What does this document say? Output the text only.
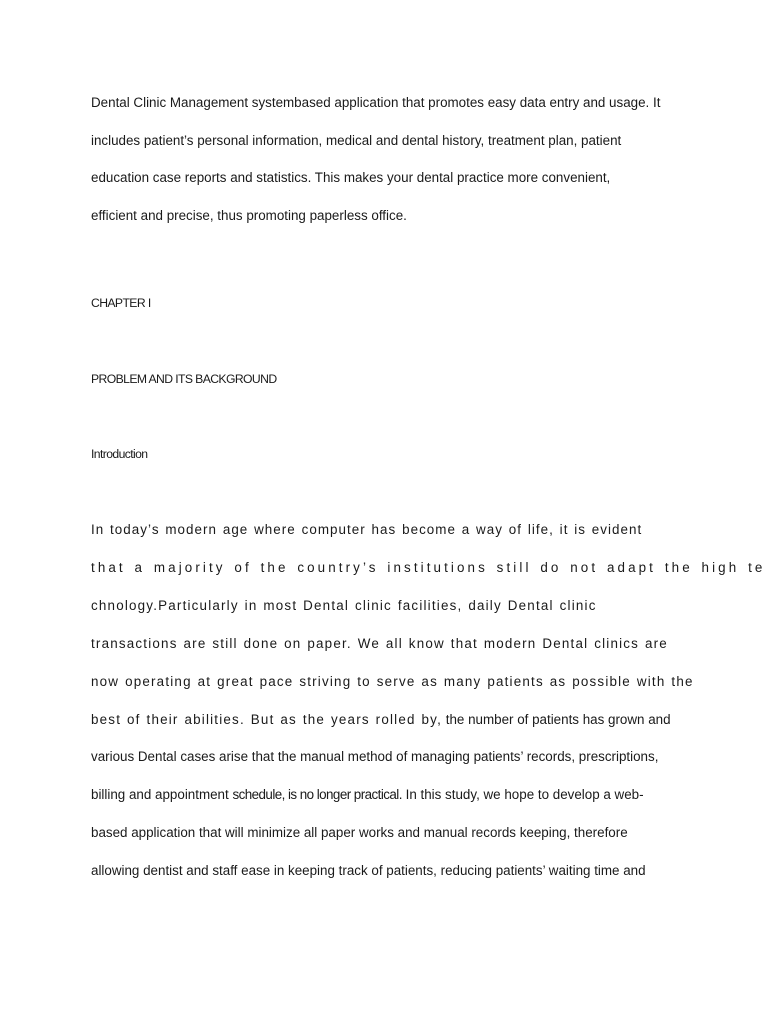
Dental Clinic Management systembased application that promotes easy data entry and usage. It
includes patient’s personal information, medical and dental history, treatment plan, patient
education case reports and statistics. This makes your dental practice more convenient,
efficient and precise, thus promoting paperless office.
CHAPTER I
PROBLEM AND ITS BACKGROUND
Introduction
In today’s modern age where computer has become a way of life, it is evident
that a majority of the country’s institutions still do not adapt the high te
chnology.Particularly in most Dental clinic facilities, daily Dental clinic
transactions are still done on paper. We all know that modern Dental clinics are
now operating at great pace striving to serve as many patients as possible with the
best of their abilities. But as the years rolled by, the number of patients has grown and
various Dental cases arise that the manual method of managing patients’ records, prescriptions,
billing and appointment schedule, is no longer practical. In this study, we hope to develop a web-
based application that will minimize all paper works and manual records keeping, therefore
allowing dentist and staff ease in keeping track of patients, reducing patients’ waiting time and
